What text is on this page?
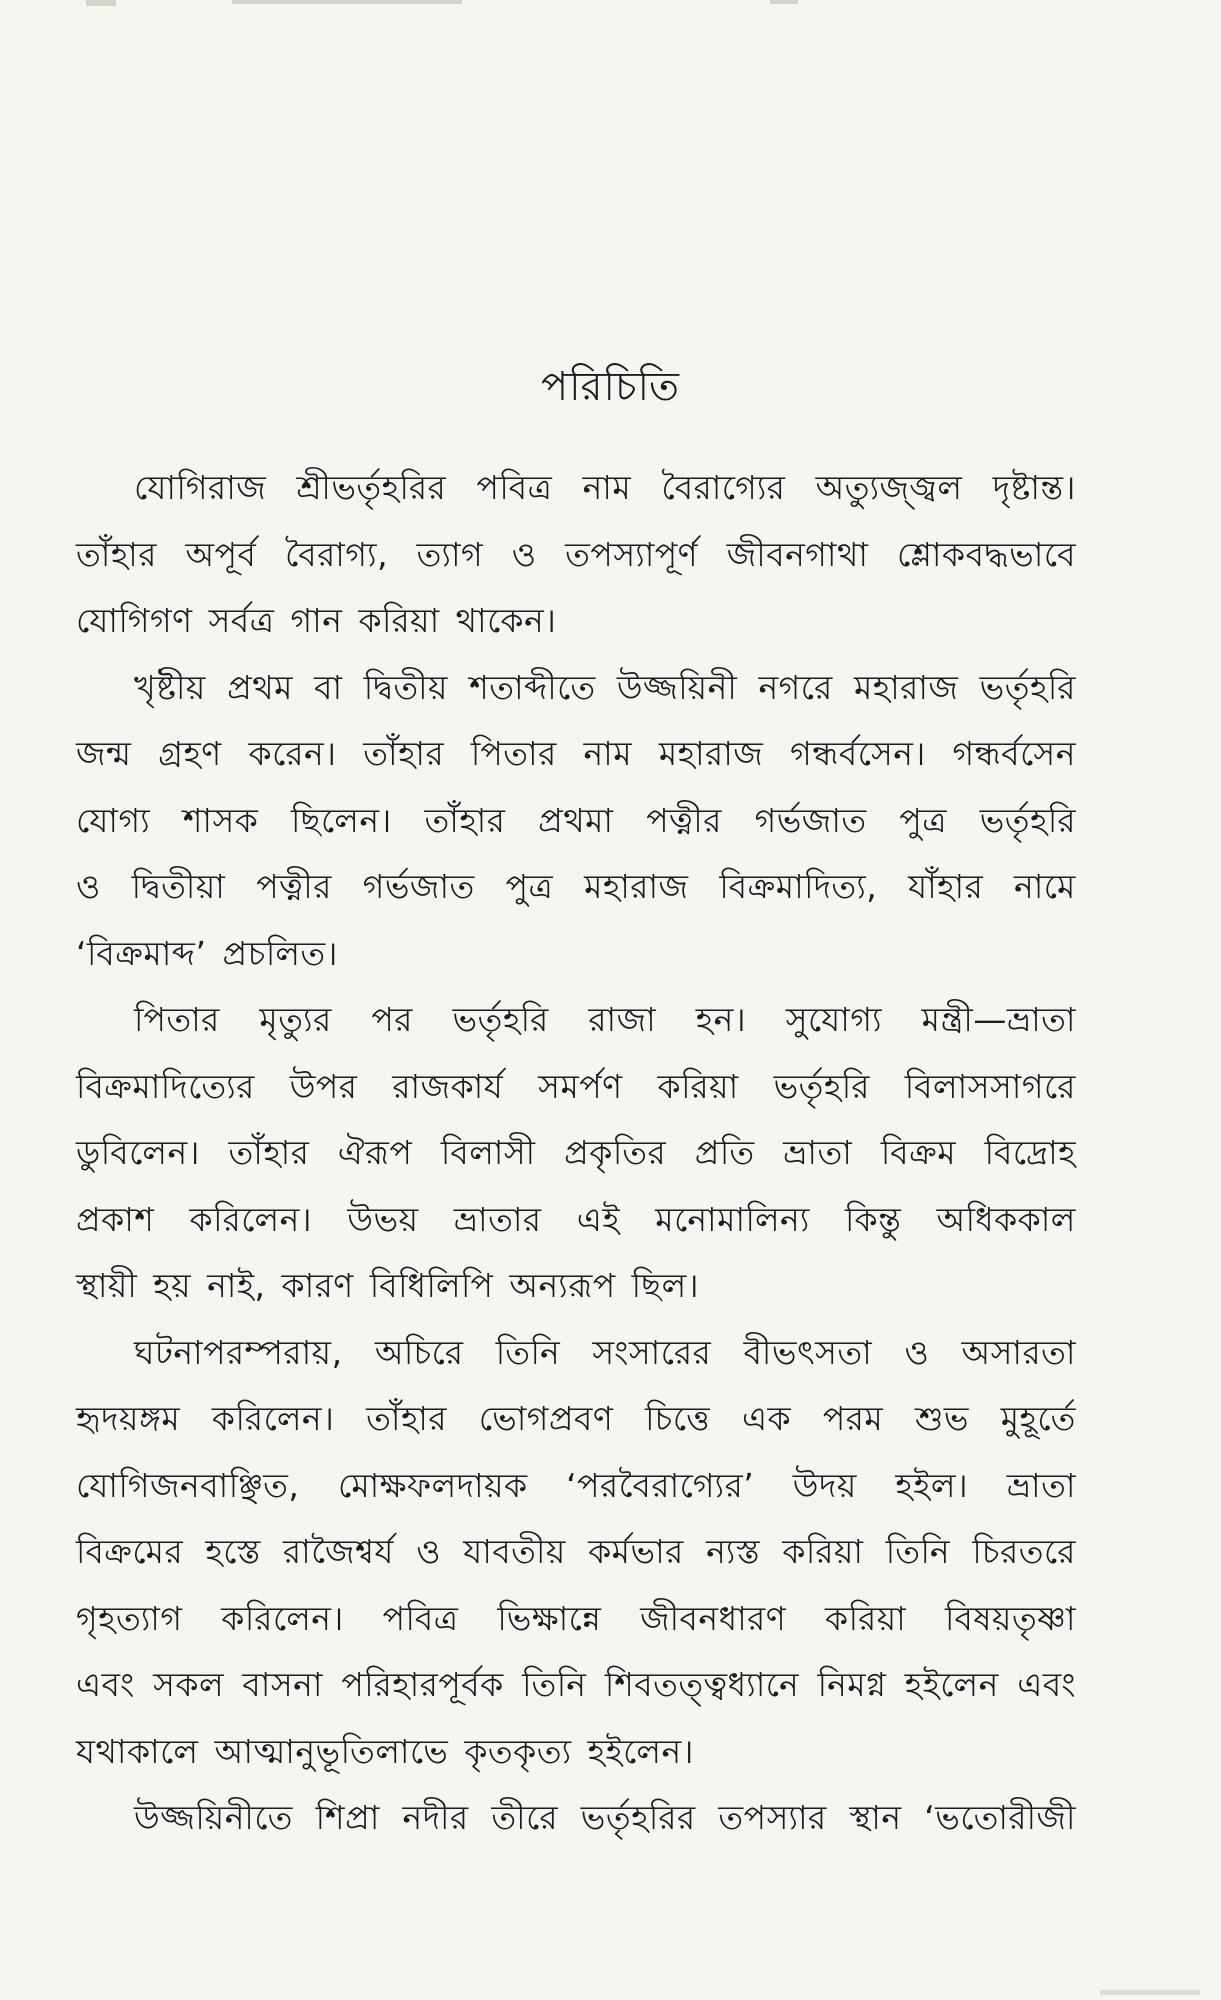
পরিচিতি
যোগিরাজ শ্রীভর্তৃহরির পবিত্র নাম বৈরাগ্যের অত্যুজ্জ্বল দৃষ্টান্ত।
তাঁহার অপূর্ব বৈরাগ্য, ত্যাগ ও তপস্যাপূর্ণ জীবনগাথা শ্লোকবদ্ধভাবে
যোগিগণ সর্বত্র গান করিয়া থাকেন।
খৃষ্টীয় প্রথম বা দ্বিতীয় শতাব্দীতে উজ্জয়িনী নগরে মহারাজ ভর্তৃহরি
জন্ম গ্রহণ করেন। তাঁহার পিতার নাম মহারাজ গন্ধর্বসেন। গন্ধর্বসেন
যোগ্য শাসক ছিলেন। তাঁহার প্রথমা পত্নীর গর্ভজাত পুত্র ভর্তৃহরি
ও দ্বিতীয়া পত্নীর গর্ভজাত পুত্র মহারাজ বিক্রমাদিত্য, যাঁহার নামে
‘বিক্রমাব্দ’ প্রচলিত।
পিতার মৃত্যুর পর ভর্তৃহরি রাজা হন। সুযোগ্য মন্ত্রী—ভ্রাতা
বিক্রমাদিত্যের উপর রাজকার্য সমর্পণ করিয়া ভর্তৃহরি বিলাসসাগরে
ডুবিলেন। তাঁহার ঐরূপ বিলাসী প্রকৃতির প্রতি ভ্রাতা বিক্রম বিদ্রোহ
প্রকাশ করিলেন। উভয় ভ্রাতার এই মনোমালিন্য কিন্তু অধিককাল
স্থায়ী হয় নাই, কারণ বিধিলিপি অন্যরূপ ছিল।
ঘটনাপরম্পরায়, অচিরে তিনি সংসারের বীভৎসতা ও অসারতা
হৃদয়ঙ্গম করিলেন। তাঁহার ভোগপ্রবণ চিত্তে এক পরম শুভ মুহূর্তে
যোগিজনবাঞ্ছিত, মোক্ষফলদায়ক ‘পরবৈরাগ্যের’ উদয় হইল। ভ্রাতা
বিক্রমের হস্তে রাজৈশ্বর্য ও যাবতীয় কর্মভার ন্যস্ত করিয়া তিনি চিরতরে
গৃহত্যাগ করিলেন। পবিত্র ভিক্ষান্নে জীবনধারণ করিয়া বিষয়তৃষ্ণা
এবং সকল বাসনা পরিহারপূর্বক তিনি শিবতত্ত্বধ্যানে নিমগ্ন হইলেন এবং
যথাকালে আত্মানুভূতিলাভে কৃতকৃত্য হইলেন।
উজ্জয়িনীতে শিপ্রা নদীর তীরে ভর্তৃহরির তপস্যার স্থান ‘ভতোরীজী
